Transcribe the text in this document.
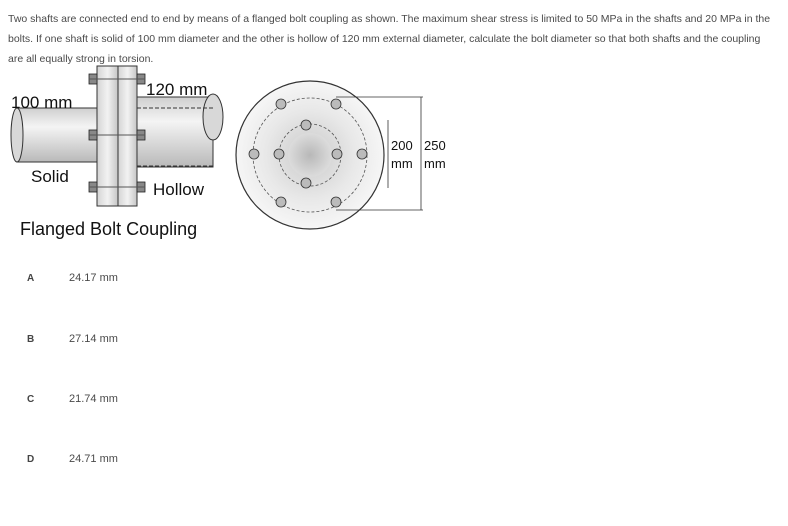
Two shafts are connected end to end by means of a flanged bolt coupling as shown. The maximum shear stress is limited to 50 MPa in the shafts and 20 MPa in the bolts. If one shaft is solid of 100 mm diameter and the other is hollow of 120 mm external diameter, calculate the bolt diameter so that both shafts and the coupling are all equally strong in torsion.

100 mm
120 mm
Solid
Hollow
Flanged Bolt Coupling
200
mm
250
mm
A	24.17 mm
B	27.14 mm
C	21.74 mm
D	24.71 mm
